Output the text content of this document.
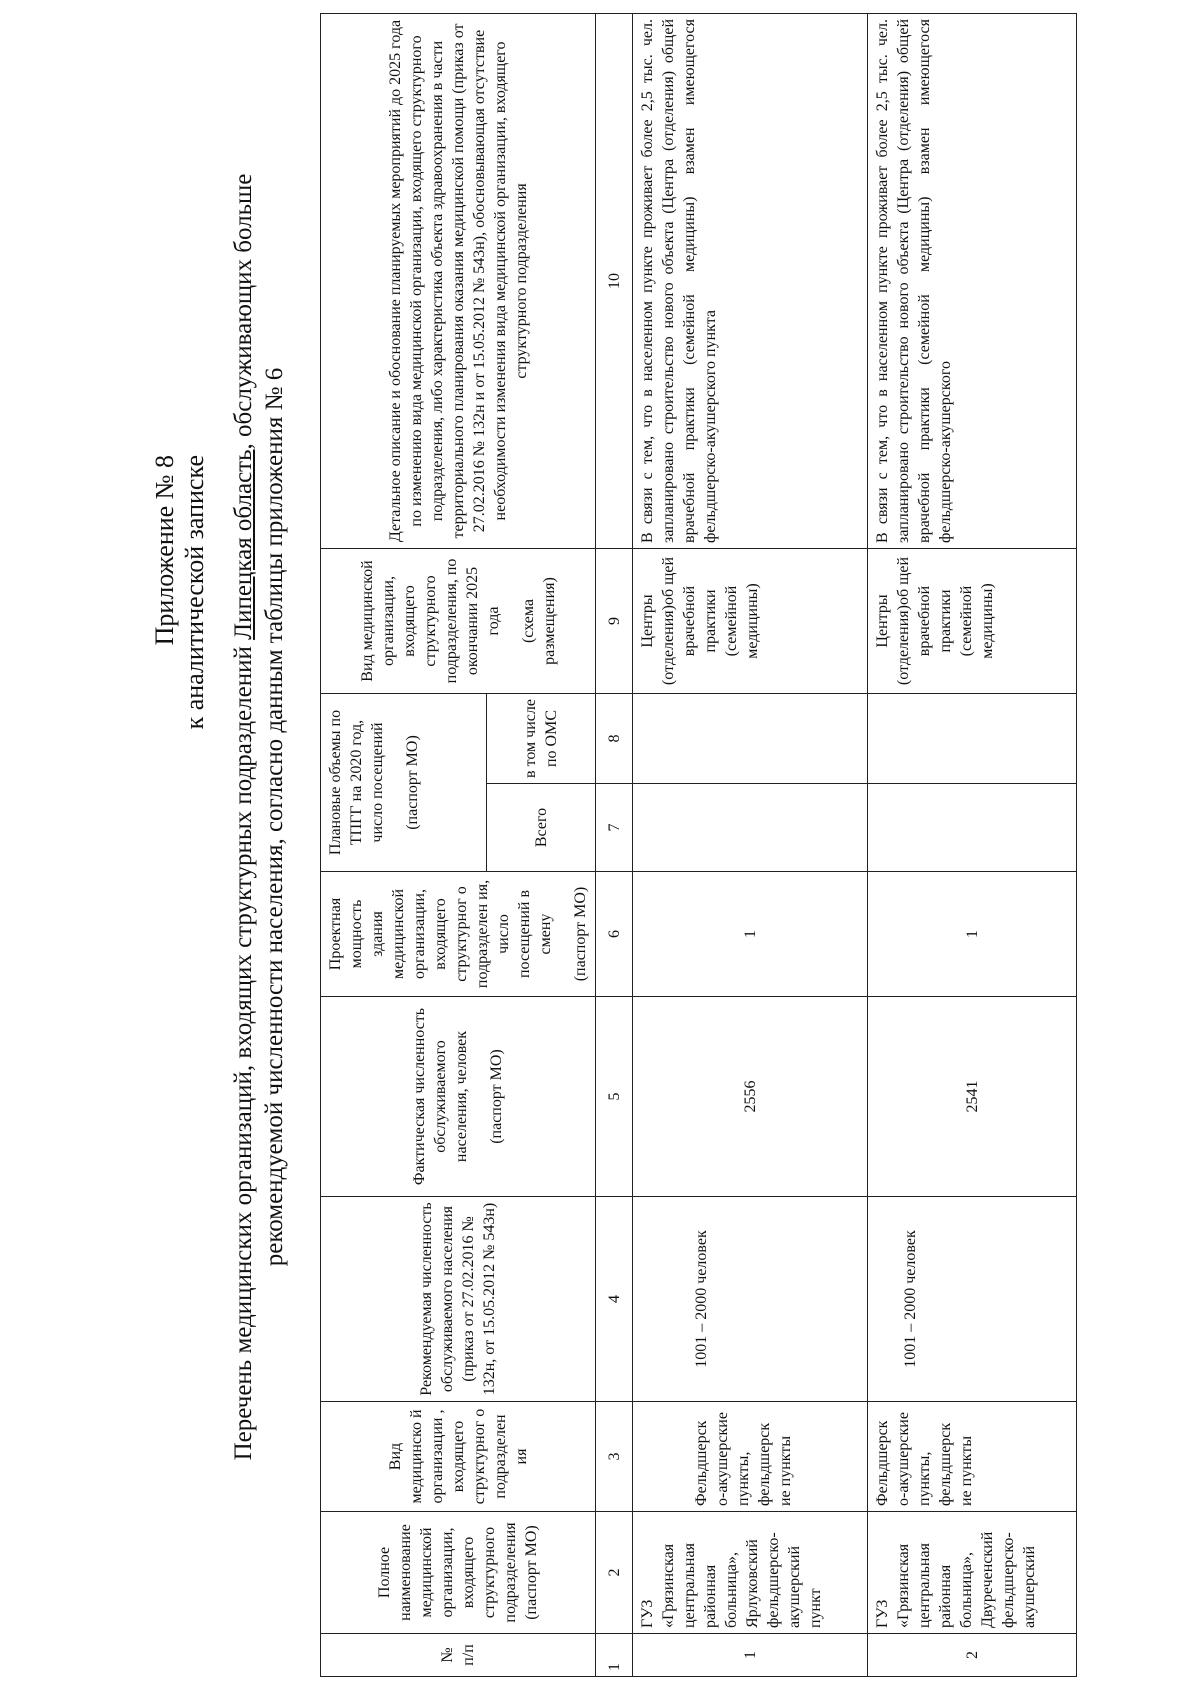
Приложение № 8 к аналитической записке
Перечень медицинских организаций, входящих структурных подразделений Липецкая область, обслуживающих больше
рекомендуемой численности населения, согласно данным таблицы приложения № 6
№ п/п	Полное наименование медицинской организации, входящего структурного подразделения (паспорт МО)	Вид медицинско й организации , входящего структурног о подразделен ия	Рекомендуемая численность обслуживаемого населения (приказ от 27.02.2016 № 132н, от 15.05.2012 № 543н)	Фактическая численность обслуживаемого населения, человек (паспорт МО)	Проектная мощность здания медицинской организации, входящего структурног о подразделен ия, число посещений в смену (паспорт МО)	Плановые объемы по ТПГГ на 2020 год, число посещений (паспорт МО)		Вид медицинской организации, входящего структурного подразделения, по окончании 2025 года (схема размещения)	Детальное описание и обоснование планируемых мероприятий до 2025 года по изменению вида медицинской организации, входящего структурного подразделения, либо характеристика объекта здравоохранения в части территориального планирования оказания медицинской помощи (приказ от 27.02.2016 № 132н и от 15.05.2012 № 543н), обосновывающая отсутствие необходимости изменения вида медицинской организации, входящего структурного подразделения
						Всего	в том числе по ОМС		
1	2	3	4	5	6	7	8	9	10
1	ГУЗ «Грязинская центральная районная больница», Ярлуковский фельдшерско-акушерский пункт	Фельдшерск о-акушерские пункты, фельдшерск ие пункты	1001 – 2000 человек	2556	1			Центры (отделения)об щей врачебной практики (семейной медицины)	В связи с тем, что в населенном пункте проживает более 2,5 тыс. чел. запланировано строительство нового объекта (Центра (отделения) общей врачебной практики (семейной медицины) взамен имеющегося фельдшерско-акушерского пункта
2	ГУЗ «Грязинская центральная районная больница», Двуреченский фельдшерско-акушерский	Фельдшерск о-акушерские пункты, фельдшерск ие пункты	1001 – 2000 человек	2541	1			Центры (отделения)об щей врачебной практики (семейной медицины)	В связи с тем, что в населенном пункте проживает более 2,5 тыс. чел. запланировано строительство нового объекта (Центра (отделения) общей врачебной практики (семейной медицины) взамен имеющегося фельдшерско-акушерского
